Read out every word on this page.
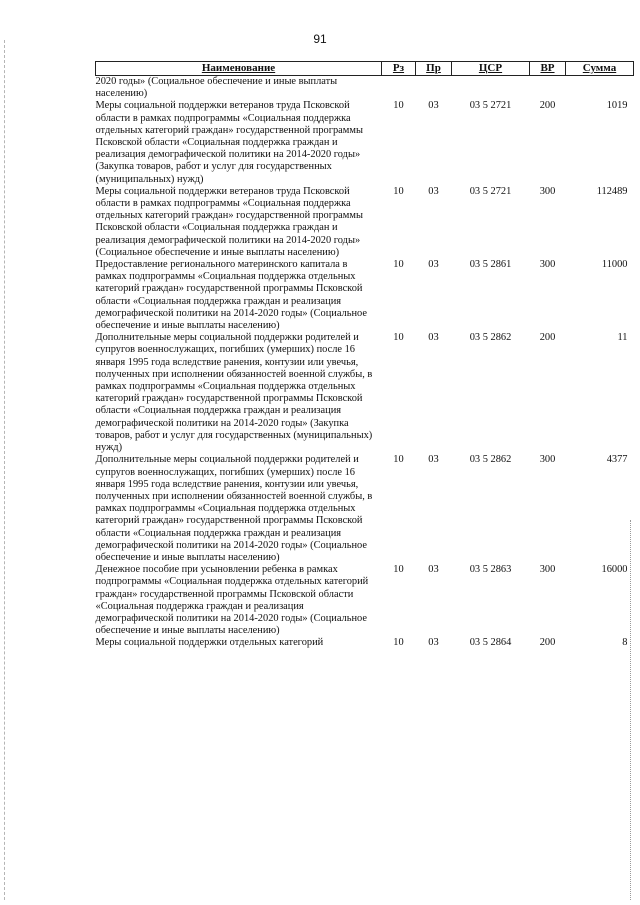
91
Наименование	Рз	Пр	ЦСР	ВР	Сумма
2020 годы» (Социальное обеспечение и иные выплаты населению)					
Меры социальной поддержки ветеранов труда Псковской области в рамках подпрограммы «Социальная поддержка отдельных категорий граждан» государственной программы Псковской области «Социальная поддержка граждан и реализация демографической политики на 2014-2020 годы» (Закупка товаров, работ и услуг для государственных (муниципальных) нужд)	10	03	03 5 2721	200	1019
Меры социальной поддержки ветеранов труда Псковской области в рамках подпрограммы «Социальная поддержка отдельных категорий граждан» государственной программы Псковской области «Социальная поддержка граждан и реализация демографической политики на 2014-2020 годы» (Социальное обеспечение и иные выплаты населению)	10	03	03 5 2721	300	112489
Предоставление регионального материнского капитала в рамках подпрограммы «Социальная поддержка отдельных категорий граждан» государственной программы Псковской области «Социальная поддержка граждан и реализация демографической политики на 2014-2020 годы» (Социальное обеспечение и иные выплаты населению)	10	03	03 5 2861	300	11000
Дополнительные меры социальной поддержки родителей и супругов военнослужащих, погибших (умерших) после 16 января 1995 года вследствие ранения, контузии или увечья, полученных при исполнении обязанностей военной службы, в рамках подпрограммы «Социальная поддержка отдельных категорий граждан» государственной программы Псковской области «Социальная поддержка граждан и реализация демографической политики на 2014-2020 годы» (Закупка товаров, работ и услуг для государственных (муниципальных) нужд)	10	03	03 5 2862	200	11
Дополнительные меры социальной поддержки родителей и супругов военнослужащих, погибших (умерших) после 16 января 1995 года вследствие ранения, контузии или увечья, полученных при исполнении обязанностей военной службы, в рамках подпрограммы «Социальная поддержка отдельных категорий граждан» государственной программы Псковской области «Социальная поддержка граждан и реализация демографической политики на 2014-2020 годы» (Социальное обеспечение и иные выплаты населению)	10	03	03 5 2862	300	4377
Денежное пособие при усыновлении ребенка в рамках подпрограммы «Социальная поддержка отдельных категорий граждан» государственной программы Псковской области «Социальная поддержка граждан и реализация демографической политики на 2014-2020 годы» (Социальное обеспечение и иные выплаты населению)	10	03	03 5 2863	300	16000
Меры социальной поддержки отдельных категорий	10	03	03 5 2864	200	8
